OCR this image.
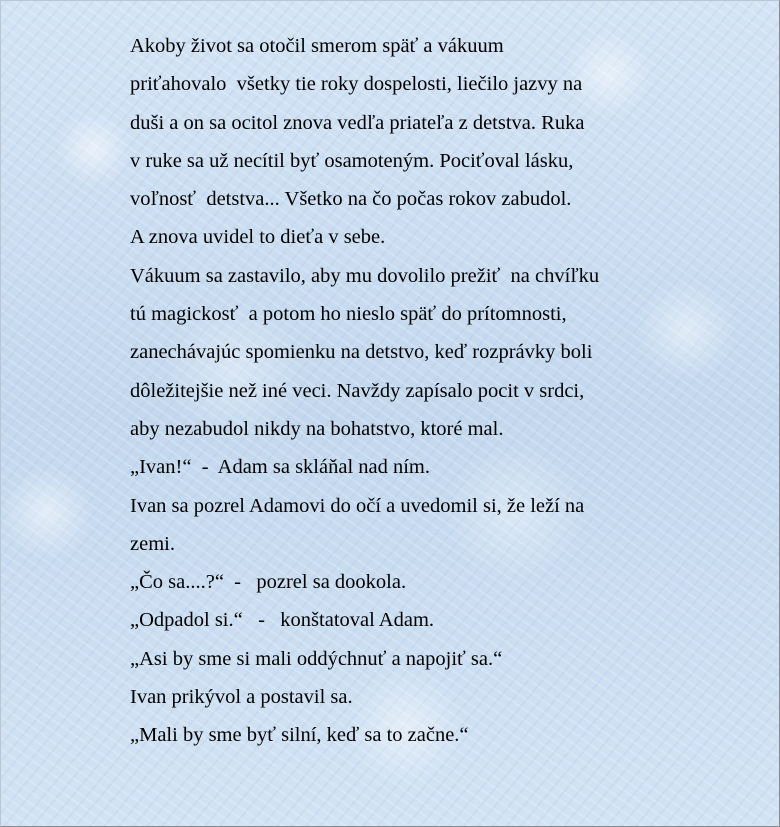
Akoby život sa otočil smerom späť a vákuum
priťahovalo  všetky tie roky dospelosti, liečilo jazvy na
duši a on sa ocitol znova vedľa priateľa z detstva. Ruka
v ruke sa už necítil byť osamoteným. Pociťoval lásku,
voľnosť  detstva... Všetko na čo počas rokov zabudol.
A znova uvidel to dieťa v sebe.
Vákuum sa zastavilo, aby mu dovolilo prežiť  na chvíľku
tú magickosť  a potom ho nieslo späť do prítomnosti,
zanechávajúc spomienku na detstvo, keď rozprávky boli
dôležitejšie než iné veci. Navždy zapísalo pocit v srdci,
aby nezabudol nikdy na bohatstvo, ktoré mal.
„Ivan!“  -  Adam sa skláňal nad ním.
Ivan sa pozrel Adamovi do očí a uvedomil si, že leží na
zemi.
„Čo sa....?“  -   pozrel sa dookola.
„Odpadol si.“   -   konštatoval Adam.
„Asi by sme si mali oddýchnuť a napojiť sa.“
Ivan prikývol a postavil sa.
„Mali by sme byť silní, keď sa to začne.“
